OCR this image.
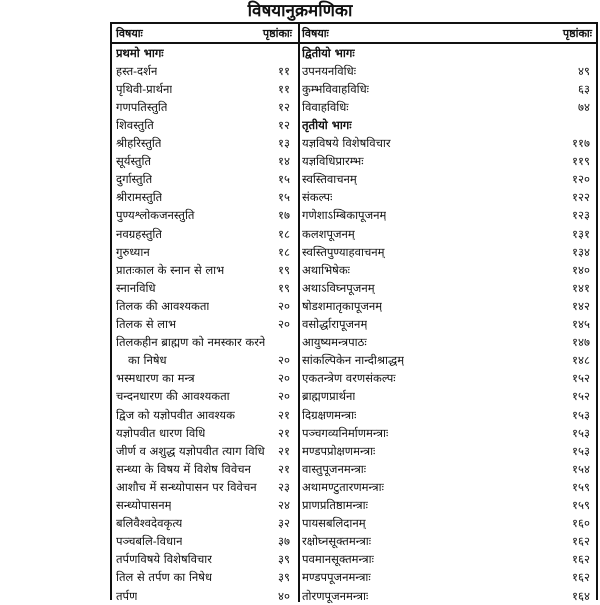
विषयानुक्रमणिका
विषयाः	पृष्ठांकाः
प्रथमो भागः
हस्त-दर्शन	११
पृथिवी-प्रार्थना	११
गणपतिस्तुति	१२
शिवस्तुति	१२
श्रीहरिस्तुति	१३
सूर्यस्तुति	१४
दुर्गास्तुति	१५
श्रीरामस्तुति	१५
पुण्यश्लोकजनस्तुति	१७
नवग्रहस्तुति	१८
गुरुध्यान	१८
प्रातःकाल के स्नान से लाभ	१९
स्नानविधि	१९
तिलक की आवश्यकता	२०
तिलक से लाभ	२०
तिलकहीन ब्राह्मण को नमस्कार करने
का निषेध	२०
भस्मधारण का मन्त्र	२०
चन्दनधारण की आवश्यकता	२०
द्विज को यज्ञोपवीत आवश्यक	२१
यज्ञोपवीत धारण विधि	२१
जीर्ण व अशुद्ध यज्ञोपवीत त्याग विधि २१
सन्ध्या के विषय में विशेष विवेचन २१
आशौच में सन्ध्योपासन पर विवेचन २३
सन्ध्योपासनम्	२४
बलिवैश्वदेवकृत्य	३२
पञ्चबलि-विधान	३७
तर्पणविषये विशेषविचार	३९
तिल से तर्पण का निषेध	३९
तर्पण	४०
विषयाः	पृष्ठांकाः
द्वितीयो भागः
उपनयनविधिः	४९
कुम्भविवाहविधिः	६३
विवाहविधिः	७४
तृतीयो भागः
यज्ञविषये विशेषविचार	११७
यज्ञविधिप्रारम्भः	११९
स्वस्तिवाचनम्	१२०
संकल्पः	१२२
गणेशाऽम्बिकापूजनम्	१२३
कलशपूजनम्	१३१
स्वस्तिपुण्याहवाचनम्	१३४
अथाभिषेकः	१४०
अथाऽविघ्नपूजनम्	१४१
षोडशमातृकापूजनम्	१४२
वसोर्द्धारापूजनम्	१४५
आयुष्यमन्त्रपाठः	१४७
सांकल्पिकेन नान्दीश्राद्धम्	१४८
एकतन्त्रेण वरणसंकल्पः	१५२
ब्राह्मणप्रार्थना	१५२
दिग्रक्षणमन्त्राः	१५३
पञ्चगव्यनिर्माणमन्त्राः	१५३
मण्डपप्रोक्षणमन्त्राः	१५३
वास्तुपूजनमन्त्राः	१५४
अथामण्टुतारणमन्त्राः	१५९
प्राणप्रतिष्ठामन्त्राः	१५९
पायसबलिदानम्	१६०
रक्षोघ्नसूक्तमन्त्राः	१६२
पवमानसूक्तमन्त्राः	१६२
मण्डपपूजनमन्त्राः	१६२
तोरणपूजनमन्त्राः	१६४
